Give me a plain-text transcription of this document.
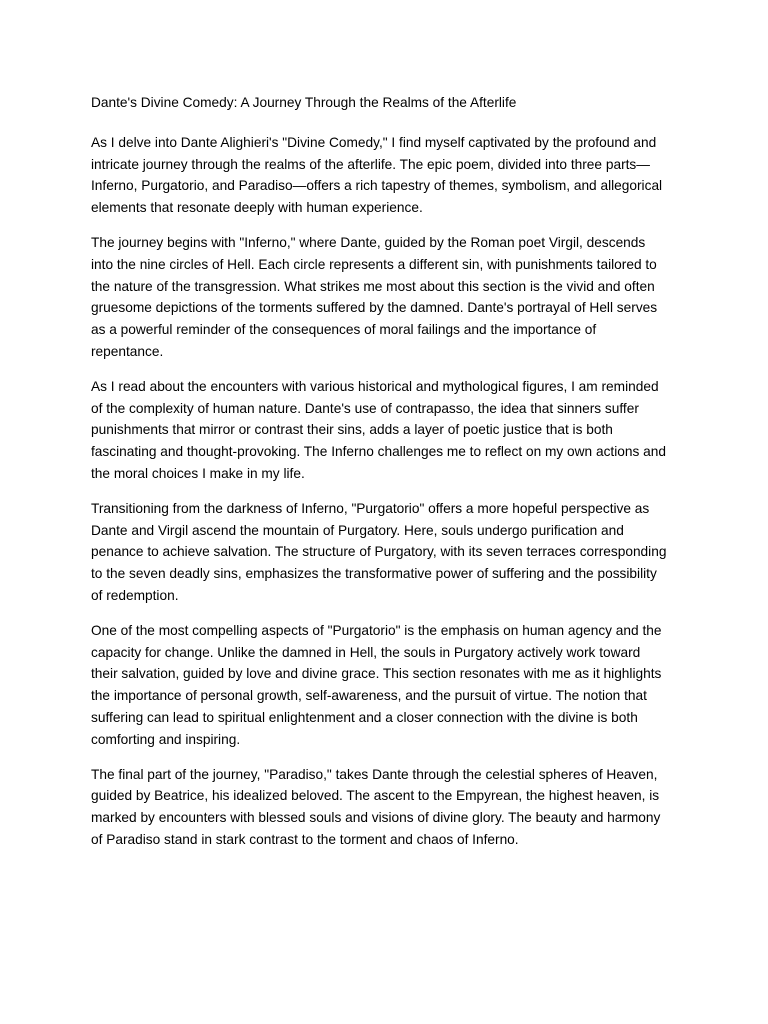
Dante's Divine Comedy: A Journey Through the Realms of the Afterlife

As I delve into Dante Alighieri's "Divine Comedy," I find myself captivated by the profound and
intricate journey through the realms of the afterlife. The epic poem, divided into three parts—
Inferno, Purgatorio, and Paradiso—offers a rich tapestry of themes, symbolism, and allegorical
elements that resonate deeply with human experience.

The journey begins with "Inferno," where Dante, guided by the Roman poet Virgil, descends
into the nine circles of Hell. Each circle represents a different sin, with punishments tailored to
the nature of the transgression. What strikes me most about this section is the vivid and often
gruesome depictions of the torments suffered by the damned. Dante's portrayal of Hell serves
as a powerful reminder of the consequences of moral failings and the importance of
repentance.

As I read about the encounters with various historical and mythological figures, I am reminded
of the complexity of human nature. Dante's use of contrapasso, the idea that sinners suffer
punishments that mirror or contrast their sins, adds a layer of poetic justice that is both
fascinating and thought-provoking. The Inferno challenges me to reflect on my own actions and
the moral choices I make in my life.

Transitioning from the darkness of Inferno, "Purgatorio" offers a more hopeful perspective as
Dante and Virgil ascend the mountain of Purgatory. Here, souls undergo purification and
penance to achieve salvation. The structure of Purgatory, with its seven terraces corresponding
to the seven deadly sins, emphasizes the transformative power of suffering and the possibility
of redemption.

One of the most compelling aspects of "Purgatorio" is the emphasis on human agency and the
capacity for change. Unlike the damned in Hell, the souls in Purgatory actively work toward
their salvation, guided by love and divine grace. This section resonates with me as it highlights
the importance of personal growth, self-awareness, and the pursuit of virtue. The notion that
suffering can lead to spiritual enlightenment and a closer connection with the divine is both
comforting and inspiring.

The final part of the journey, "Paradiso," takes Dante through the celestial spheres of Heaven,
guided by Beatrice, his idealized beloved. The ascent to the Empyrean, the highest heaven, is
marked by encounters with blessed souls and visions of divine glory. The beauty and harmony
of Paradiso stand in stark contrast to the torment and chaos of Inferno.
